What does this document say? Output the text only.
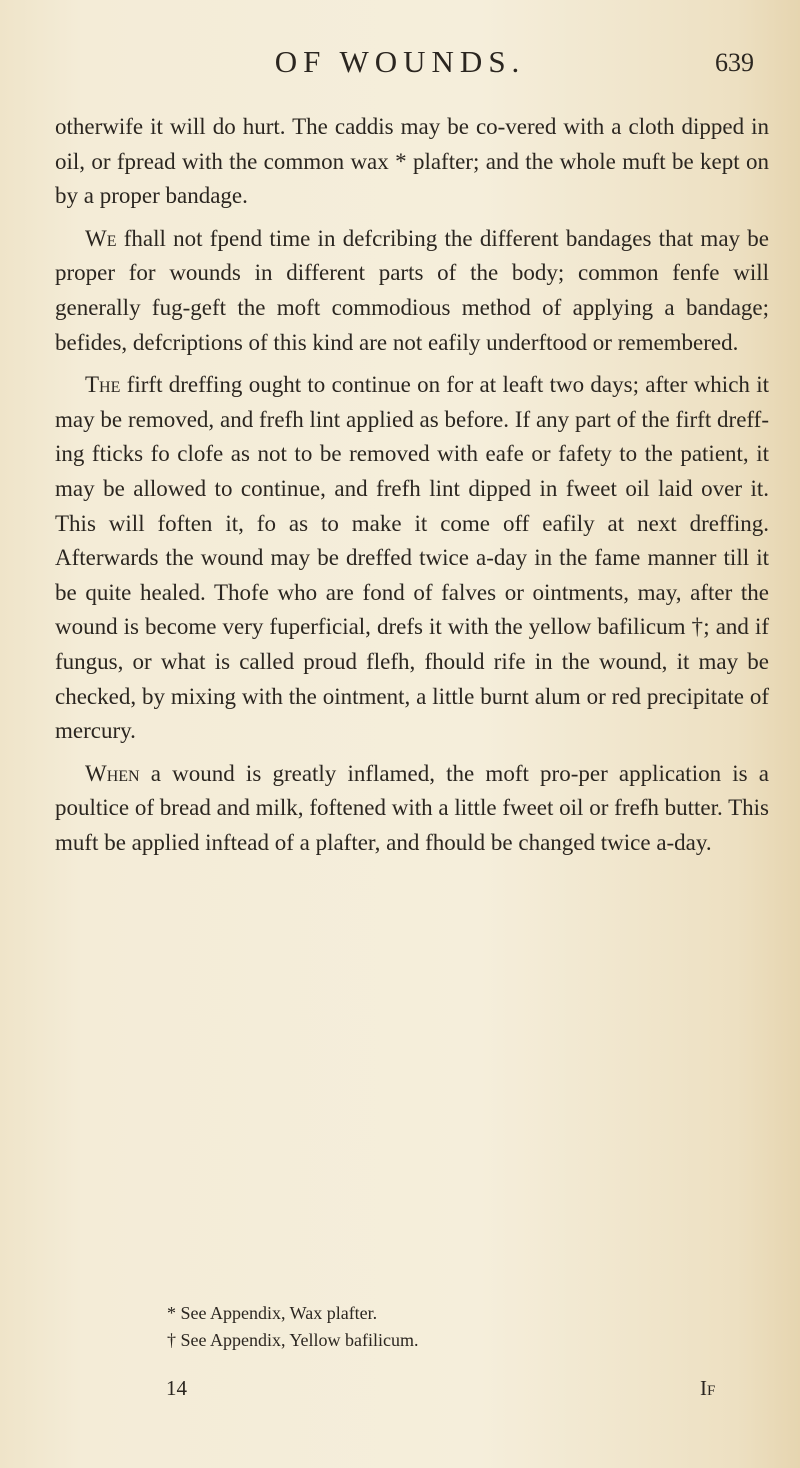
OF WOUNDS.	639

otherwife it will do hurt. The caddis may be co-vered with a cloth dipped in oil, or fpread with the common wax * plafter; and the whole muft be kept on by a proper bandage.

We fhall not fpend time in defcribing the different bandages that may be proper for wounds in different parts of the body; common fenfe will generally fug-geft the moft commodious method of applying a bandage; befides, defcriptions of this kind are not eafily underftood or remembered.

The firft dreffing ought to continue on for at leaft two days; after which it may be removed, and frefh lint applied as before. If any part of the firft dreff-ing fticks fo clofe as not to be removed with eafe or fafety to the patient, it may be allowed to continue, and frefh lint dipped in fweet oil laid over it. This will foften it, fo as to make it come off eafily at next dreffing. Afterwards the wound may be dreffed twice a-day in the fame manner till it be quite healed. Thofe who are fond of falves or ointments, may, after the wound is become very fuperficial, drefs it with the yellow bafilicum †; and if fungus, or what is called proud flefh, fhould rife in the wound, it may be checked, by mixing with the ointment, a little burnt alum or red precipitate of mercury.

When a wound is greatly inflamed, the moft pro-per application is a poultice of bread and milk, foftened with a little fweet oil or frefh butter. This muft be applied inftead of a plafter, and fhould be changed twice a-day.

* See Appendix, Wax plafter.
† See Appendix, Yellow bafilicum.
14	If
